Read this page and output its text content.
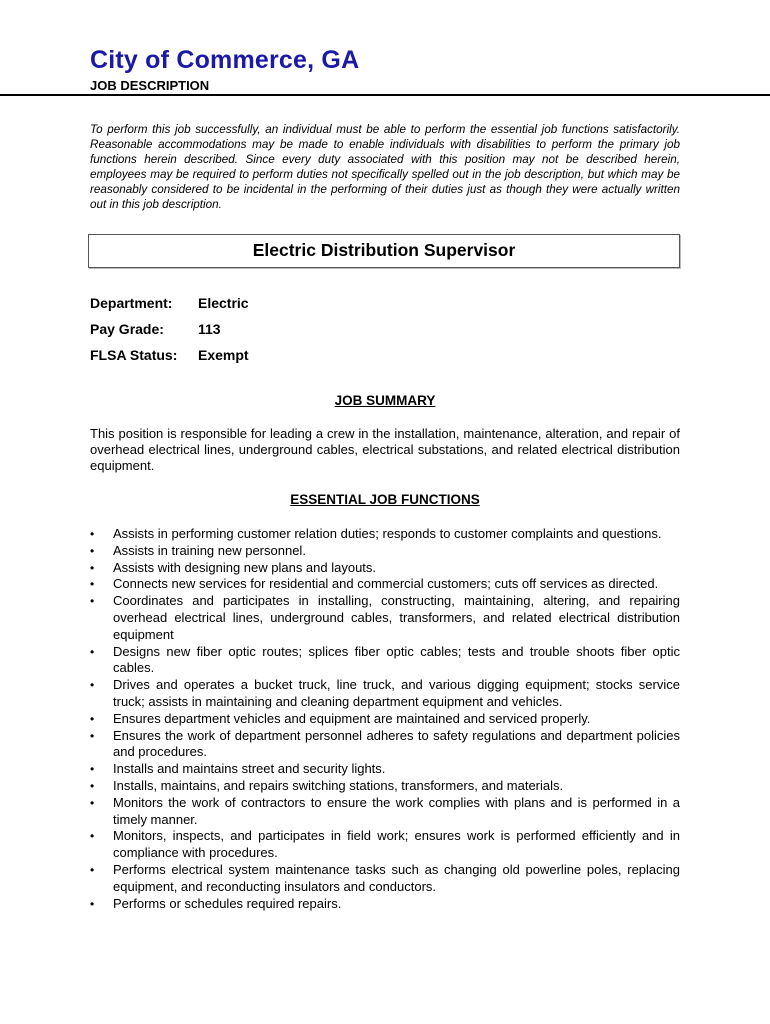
City of Commerce, GA
JOB DESCRIPTION

To perform this job successfully, an individual must be able to perform the essential job functions satisfactorily. Reasonable accommodations may be made to enable individuals with disabilities to perform the primary job functions herein described. Since every duty associated with this position may not be described herein, employees may be required to perform duties not specifically spelled out in the job description, but which may be reasonably considered to be incidental in the performing of their duties just as though they were actually written out in this job description.

Electric Distribution Supervisor
Department:	Electric
Pay Grade:	113
FLSA Status:	Exempt
JOB SUMMARY

This position is responsible for leading a crew in the installation, maintenance, alteration, and repair of overhead electrical lines, underground cables, electrical substations, and related electrical distribution equipment.

ESSENTIAL JOB FUNCTIONS
• Assists in performing customer relation duties; responds to customer complaints and questions.
• Assists in training new personnel.
• Assists with designing new plans and layouts.
• Connects new services for residential and commercial customers; cuts off services as directed.
• Coordinates and participates in installing, constructing, maintaining, altering, and repairing overhead electrical lines, underground cables, transformers, and related electrical distribution equipment
• Designs new fiber optic routes; splices fiber optic cables; tests and trouble shoots fiber optic cables.
• Drives and operates a bucket truck, line truck, and various digging equipment; stocks service truck; assists in maintaining and cleaning department equipment and vehicles.
• Ensures department vehicles and equipment are maintained and serviced properly.
• Ensures the work of department personnel adheres to safety regulations and department policies and procedures.
• Installs and maintains street and security lights.
• Installs, maintains, and repairs switching stations, transformers, and materials.
• Monitors the work of contractors to ensure the work complies with plans and is performed in a timely manner.
• Monitors, inspects, and participates in field work; ensures work is performed efficiently and in compliance with procedures.
• Performs electrical system maintenance tasks such as changing old powerline poles, replacing equipment, and reconducting insulators and conductors.
• Performs or schedules required repairs.
